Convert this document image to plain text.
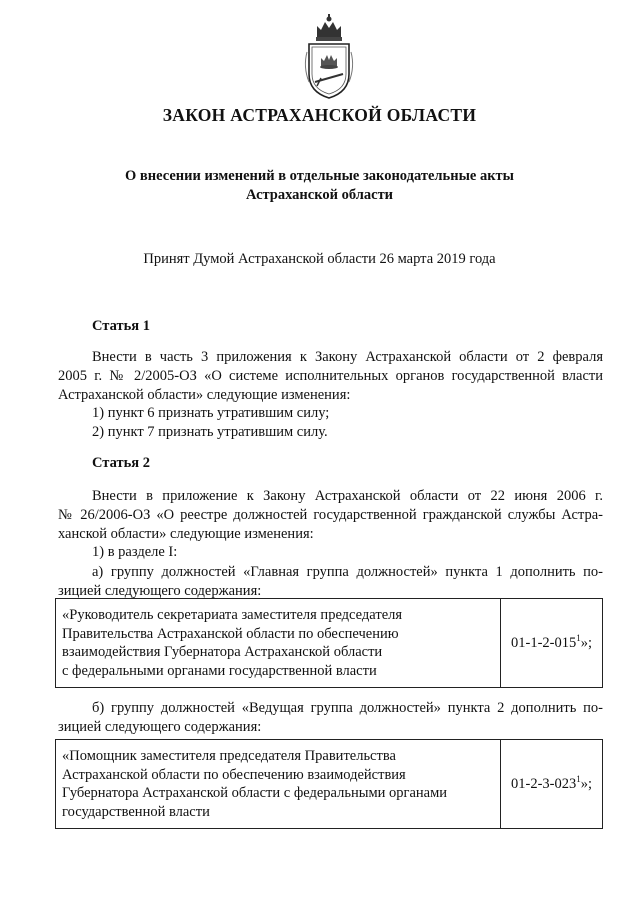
ЗАКОН АСТРАХАНСКОЙ ОБЛАСТИ
О внесении изменений в отдельные законодательные акты
Астраханской области
Принят Думой Астраханской области 26 марта 2019 года
Статья 1
Внести в часть 3 приложения к Закону Астраханской области от 2 февраля
2005 г. № 2/2005-ОЗ «О системе исполнительных органов государственной власти
Астраханской области» следующие изменения:
1) пункт 6 признать утратившим силу;
2) пункт 7 признать утратившим силу.
Статья 2
Внести в приложение к Закону Астраханской области от 22 июня 2006 г.
№ 26/2006-ОЗ «О реестре должностей государственной гражданской службы Астра-
ханской области» следующие изменения:
1) в разделе I:
а) группу должностей «Главная группа должностей» пункта 1 дополнить по-
зицией следующего содержания:
«Руководитель секретариата заместителя председателя
Правительства Астраханской области по обеспечению
взаимодействия Губернатора Астраханской области
с федеральными органами государственной власти
	$01-1-2-015^1$»;
б) группу должностей «Ведущая группа должностей» пункта 2 дополнить по-
зицией следующего содержания:
«Помощник заместителя председателя Правительства
Астраханской области по обеспечению взаимодействия
Губернатора Астраханской области с федеральными органами
государственной власти
	$01-2-3-023^1$»;
